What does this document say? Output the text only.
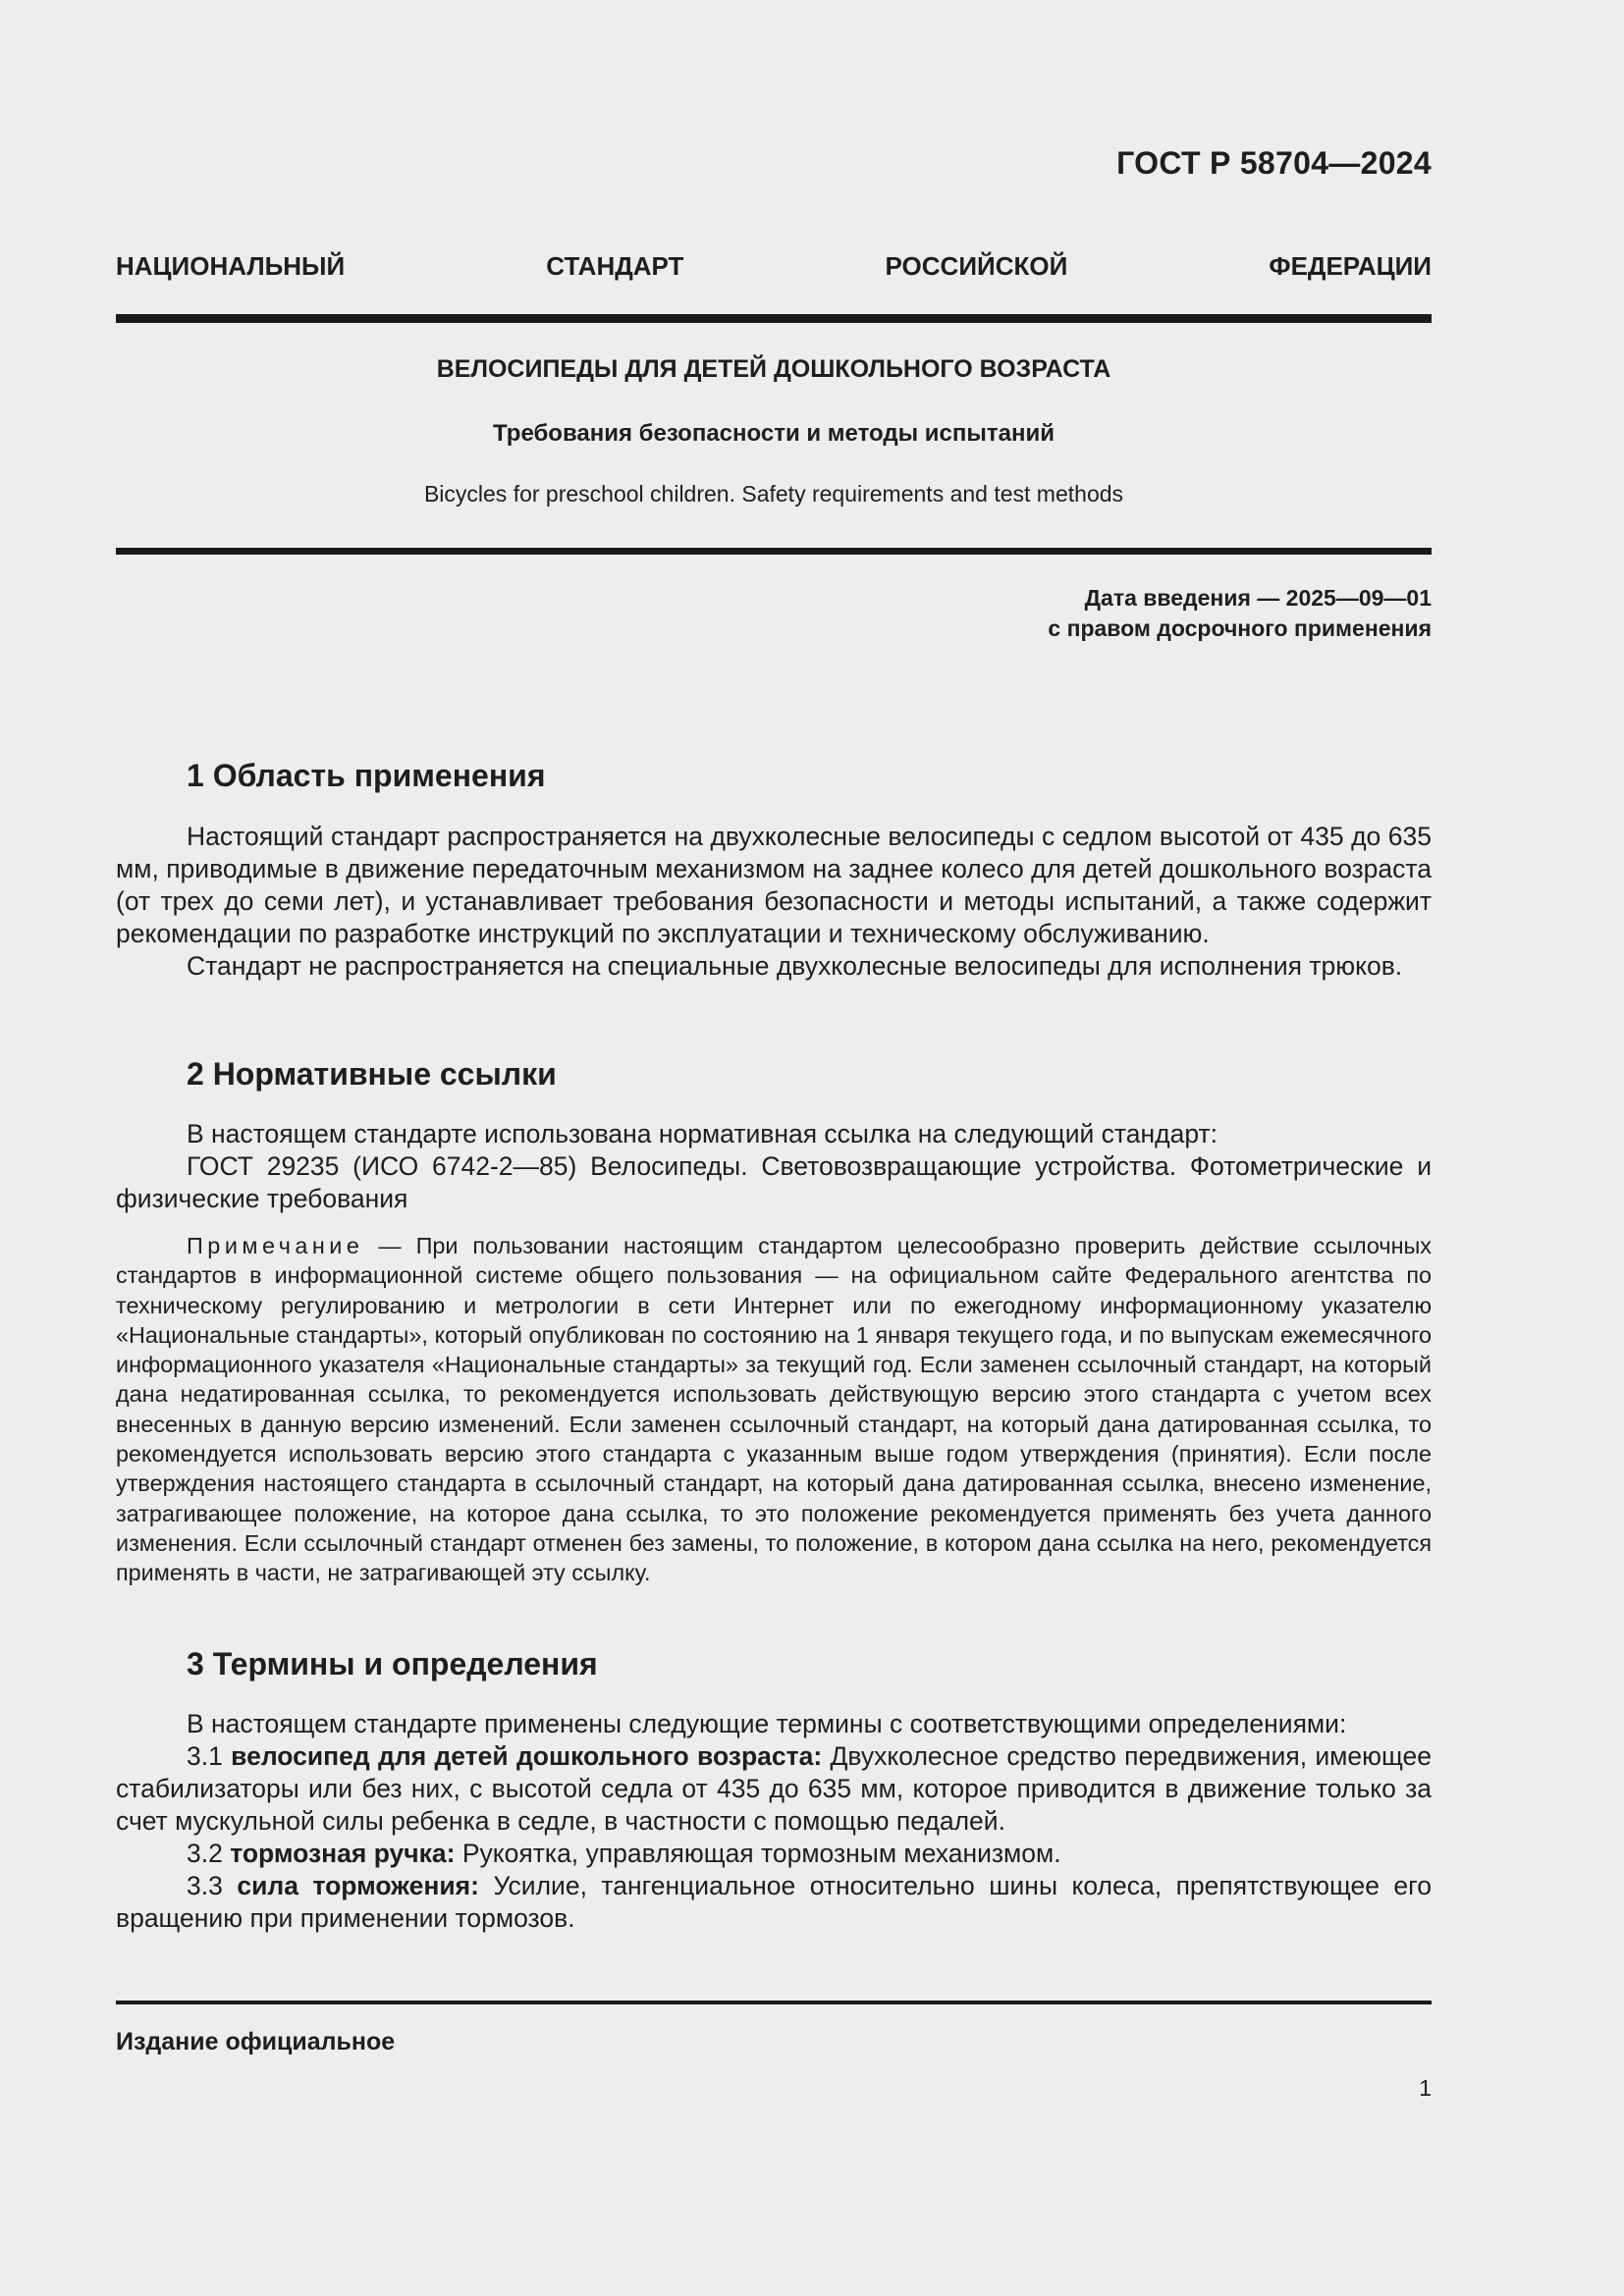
ГОСТ Р 58704—2024
НАЦИОНАЛЬНЫЙ СТАНДАРТ РОССИЙСКОЙ ФЕДЕРАЦИИ
ВЕЛОСИПЕДЫ ДЛЯ ДЕТЕЙ ДОШКОЛЬНОГО ВОЗРАСТА
Требования безопасности и методы испытаний
Bicycles for preschool children. Safety requirements and test methods
Дата введения — 2025—09—01
с правом досрочного применения
1 Область применения

Настоящий стандарт распространяется на двухколесные велосипеды с седлом высотой от 435 до 635 мм, приводимые в движение передаточным механизмом на заднее колесо для детей дошкольного возраста (от трех до семи лет), и устанавливает требования безопасности и методы испытаний, а также содержит рекомендации по разработке инструкций по эксплуатации и техническому обслуживанию.

Стандарт не распространяется на специальные двухколесные велосипеды для исполнения трюков.

2 Нормативные ссылки

В настоящем стандарте использована нормативная ссылка на следующий стандарт:

ГОСТ 29235 (ИСО 6742-2—85) Велосипеды. Световозвращающие устройства. Фотометрические и физические требования

Примечание — При пользовании настоящим стандартом целесообразно проверить действие ссылочных стандартов в информационной системе общего пользования — на официальном сайте Федерального агентства по техническому регулированию и метрологии в сети Интернет или по ежегодному информационному указателю «Национальные стандарты», который опубликован по состоянию на 1 января текущего года, и по выпускам ежемесячного информационного указателя «Национальные стандарты» за текущий год. Если заменен ссылочный стандарт, на который дана недатированная ссылка, то рекомендуется использовать действующую версию этого стандарта с учетом всех внесенных в данную версию изменений. Если заменен ссылочный стандарт, на который дана датированная ссылка, то рекомендуется использовать версию этого стандарта с указанным выше годом утверждения (принятия). Если после утверждения настоящего стандарта в ссылочный стандарт, на который дана датированная ссылка, внесено изменение, затрагивающее положение, на которое дана ссылка, то это положение рекомендуется применять без учета данного изменения. Если ссылочный стандарт отменен без замены, то положение, в котором дана ссылка на него, рекомендуется применять в части, не затрагивающей эту ссылку.

3 Термины и определения

В настоящем стандарте применены следующие термины с соответствующими определениями:

3.1 велосипед для детей дошкольного возраста: Двухколесное средство передвижения, имеющее стабилизаторы или без них, с высотой седла от 435 до 635 мм, которое приводится в движение только за счет мускульной силы ребенка в седле, в частности с помощью педалей.

3.2 тормозная ручка: Рукоятка, управляющая тормозным механизмом.

3.3 сила торможения: Усилие, тангенциальное относительно шины колеса, препятствующее его вращению при применении тормозов.

Издание официальное
1
